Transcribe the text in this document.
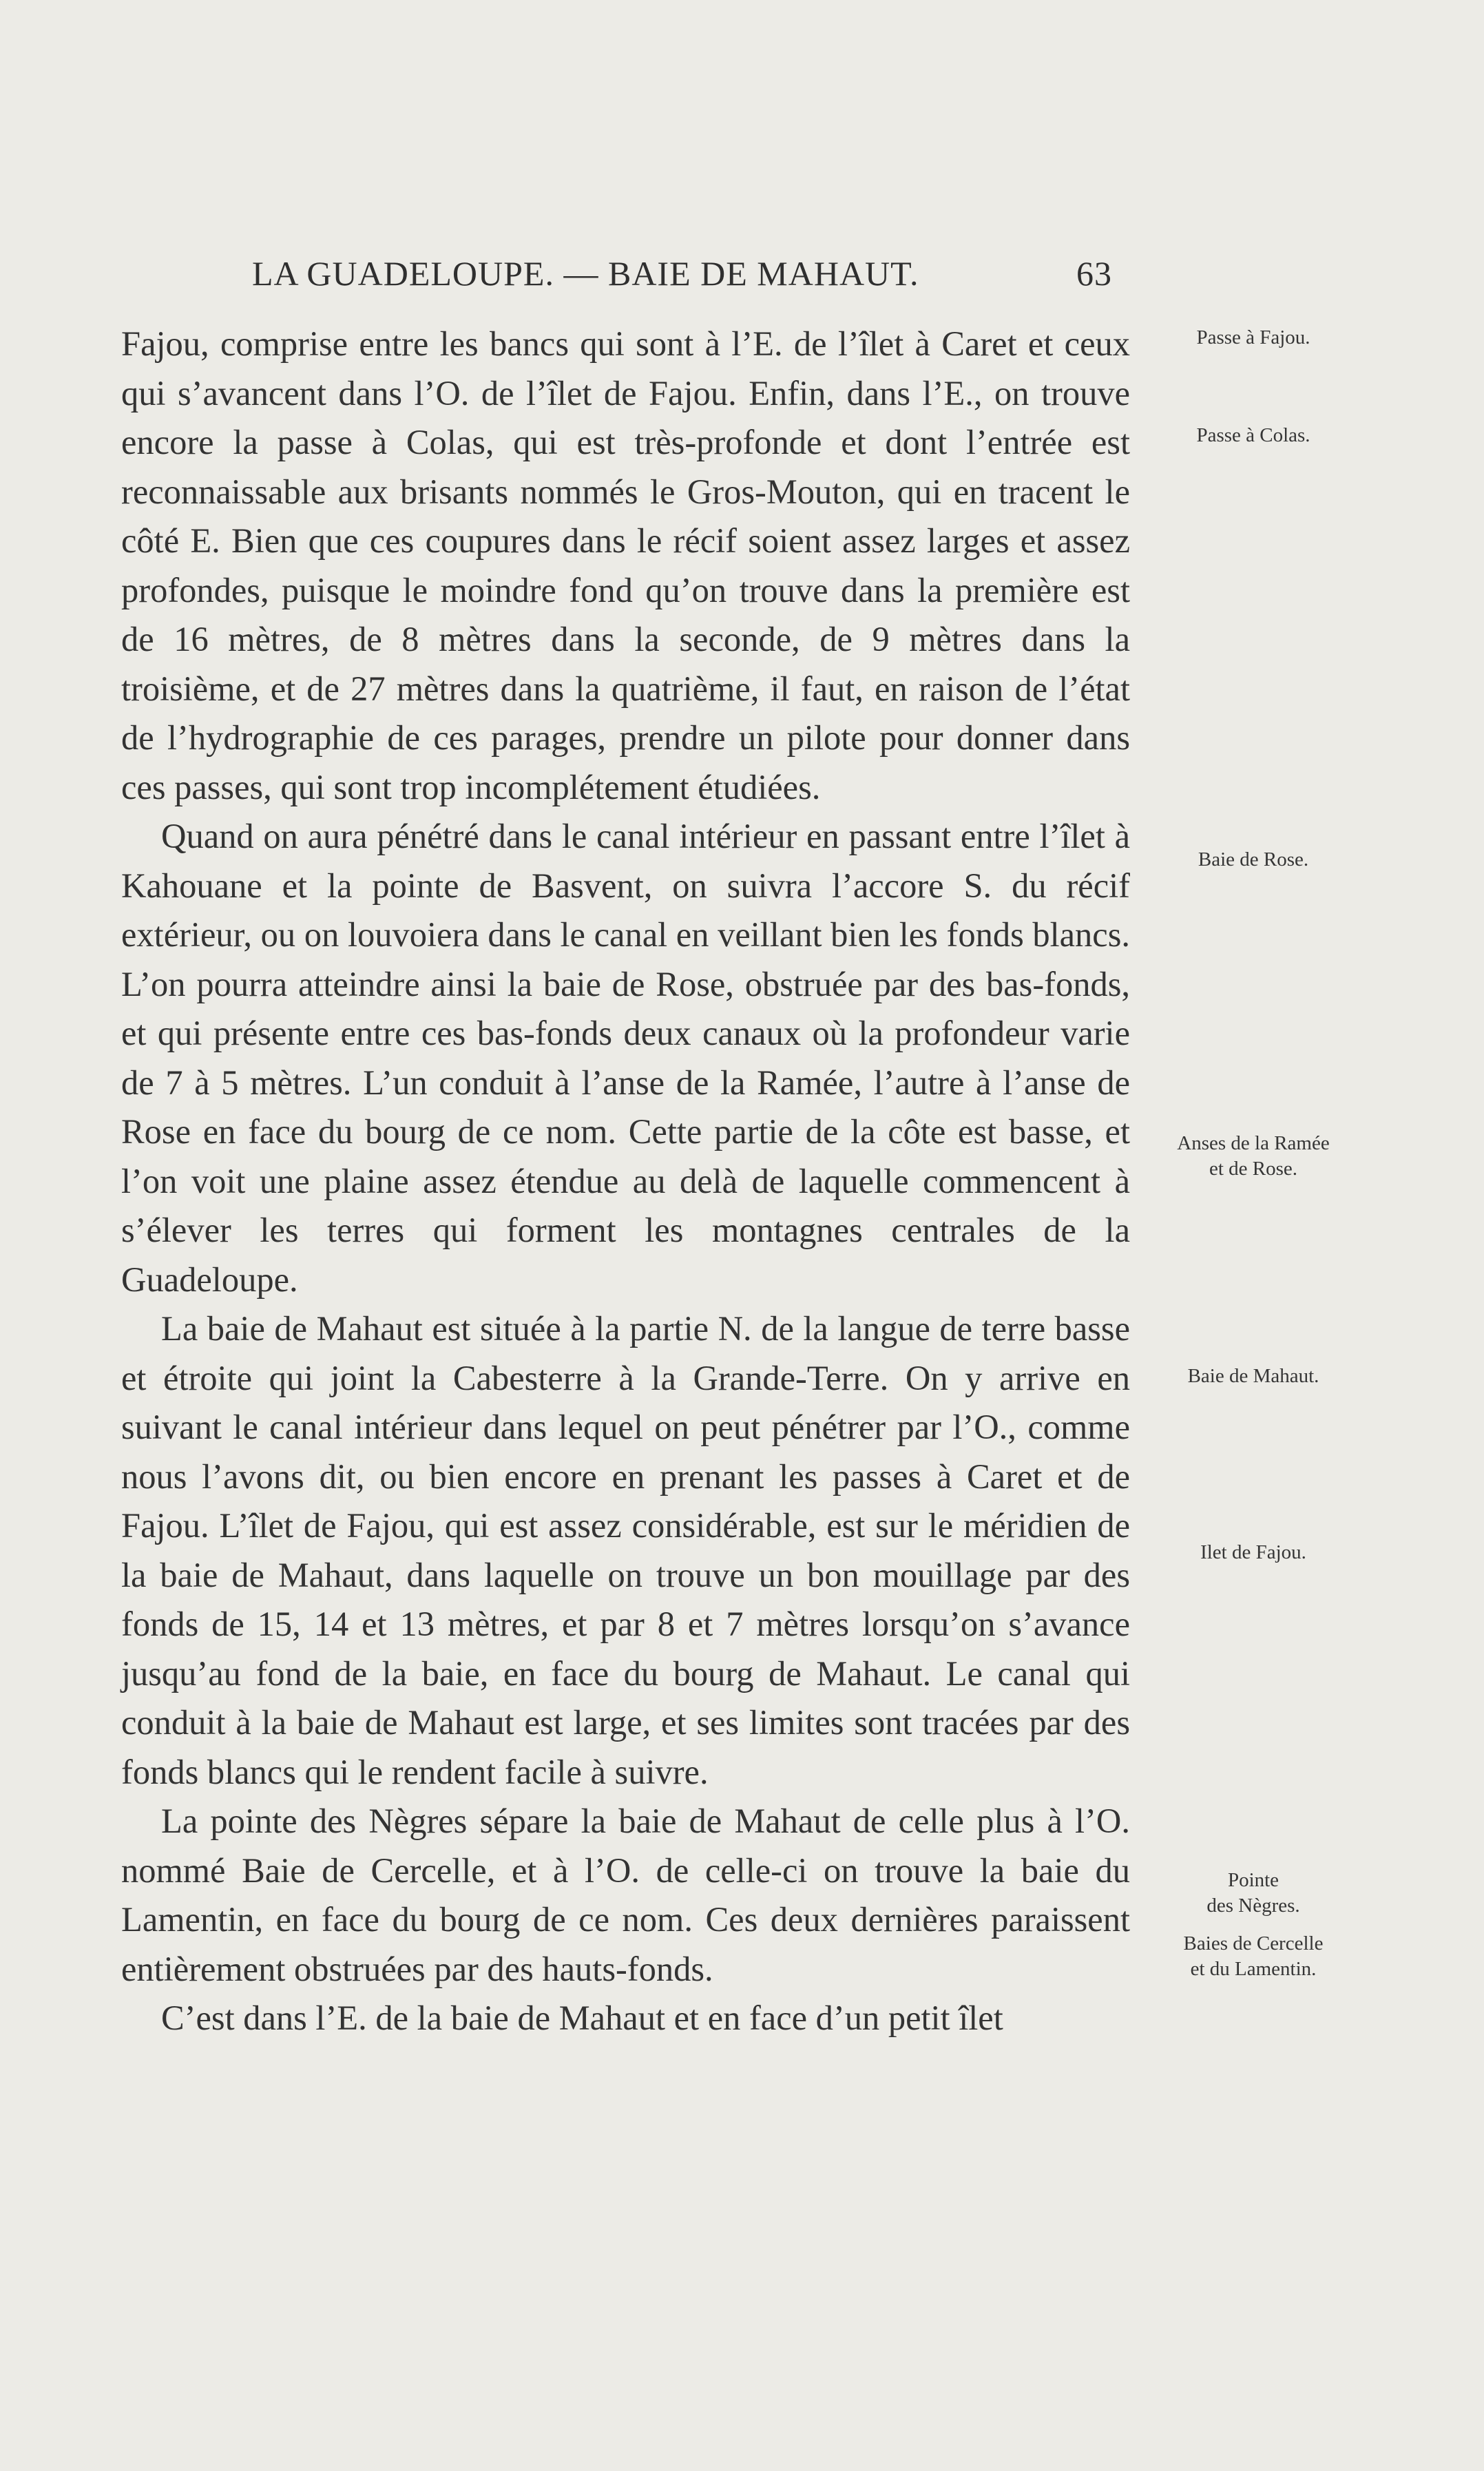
LA GUADELOUPE. — BAIE DE MAHAUT.	63

Fajou, comprise entre les bancs qui sont à l’E. de l’îlet à Caret et ceux qui s’avancent dans l’O. de l’îlet de Fajou. Enfin, dans l’E., on trouve encore la passe à Colas, qui est très-profonde et dont l’entrée est reconnaissable aux brisants nommés le Gros-Mouton, qui en tracent le côté E. Bien que ces coupures dans le récif soient assez larges et assez profondes, puisque le moindre fond qu’on trouve dans la première est de 16 mètres, de 8 mètres dans la seconde, de 9 mètres dans la troisième, et de 27 mètres dans la quatrième, il faut, en raison de l’état de l’hydrographie de ces parages, prendre un pilote pour donner dans ces passes, qui sont trop incomplétement étudiées.

Quand on aura pénétré dans le canal intérieur en passant entre l’îlet à Kahouane et la pointe de Basvent, on suivra l’accore S. du récif extérieur, ou on louvoiera dans le canal en veillant bien les fonds blancs. L’on pourra atteindre ainsi la baie de Rose, obstruée par des bas-fonds, et qui présente entre ces bas-fonds deux canaux où la profondeur varie de 7 à 5 mètres. L’un conduit à l’anse de la Ramée, l’autre à l’anse de Rose en face du bourg de ce nom. Cette partie de la côte est basse, et l’on voit une plaine assez étendue au delà de laquelle commencent à s’élever les terres qui forment les montagnes centrales de la Guadeloupe.

La baie de Mahaut est située à la partie N. de la langue de terre basse et étroite qui joint la Cabesterre à la Grande-Terre. On y arrive en suivant le canal intérieur dans lequel on peut pénétrer par l’O., comme nous l’avons dit, ou bien encore en prenant les passes à Caret et de Fajou. L’îlet de Fajou, qui est assez considérable, est sur le méridien de la baie de Mahaut, dans laquelle on trouve un bon mouillage par des fonds de 15, 14 et 13 mètres, et par 8 et 7 mètres lorsqu’on s’avance jusqu’au fond de la baie, en face du bourg de Mahaut. Le canal qui conduit à la baie de Mahaut est large, et ses limites sont tracées par des fonds blancs qui le rendent facile à suivre.

La pointe des Nègres sépare la baie de Mahaut de celle plus à l’O. nommé Baie de Cercelle, et à l’O. de celle-ci on trouve la baie du Lamentin, en face du bourg de ce nom. Ces deux dernières paraissent entièrement obstruées par des hauts-fonds.

C’est dans l’E. de la baie de Mahaut et en face d’un petit îlet

Passe à Fajou.
Passe à Colas.
Baie de Rose.
Anses de la Ramée
et de Rose.
Baie de Mahaut.
Ilet de Fajou.
Pointe
des Nègres.
Baies de Cercelle
et du Lamentin.
